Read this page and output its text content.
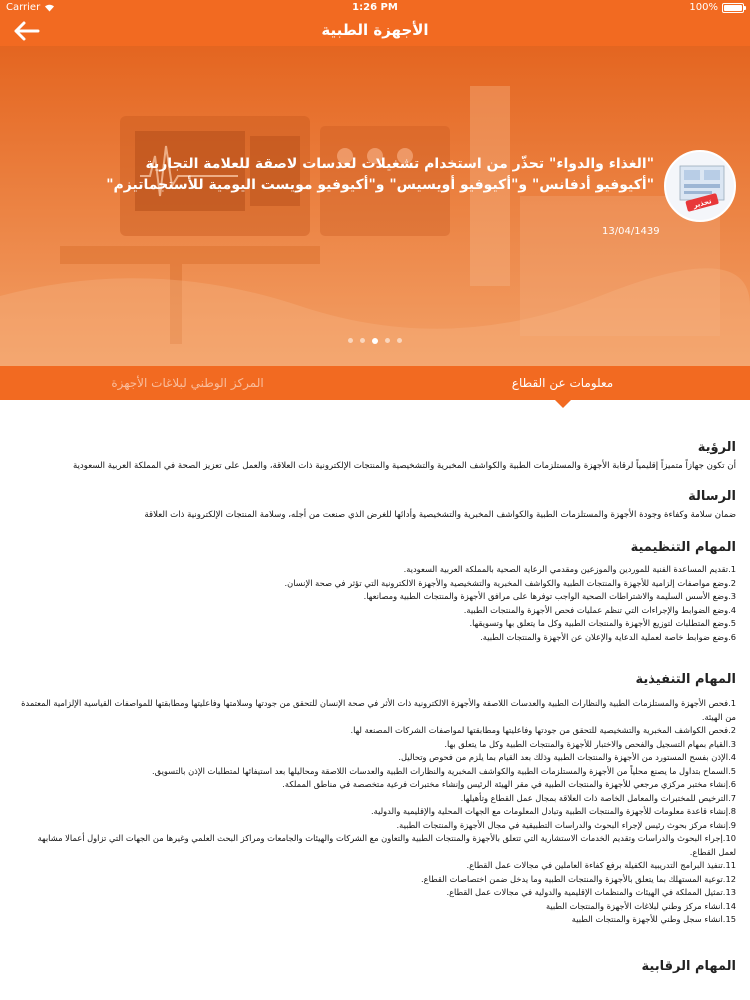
Carrier	1:26 PM	100%
الأجهزة الطبية
تحذير
"الغذاء والدواء" تحذّر من استخدام تشغيلات لعدسات لاصقة للعلامة التجارية "أكيوفيو أدفانس" و"أكيوفيو أويسيس" و"أكيوفيو مويست اليومية للأستجماتيزم"
13/04/1439
معلومات عن القطاع
المركز الوطني لبلاغات الأجهزة
الرؤية
أن تكون جهازاً متميزاً إقليمياً لرقابة الأجهزة والمستلزمات الطبية والكواشف المخبرية والتشخيصية والمنتجات الإلكترونية ذات العلاقة، والعمل على تعزيز الصحة في المملكة العربية السعودية
الرسالة
ضمان سلامة وكفاءة وجودة الأجهزة والمستلزمات الطبية والكواشف المخبرية والتشخيصية وأدائها للغرض الذي صنعت من أجله، وسلامة المنتجات الإلكترونية ذات العلاقة
المهام التنظيمية
1.تقديم المساعدة الفنية للموردين والموزعين ومقدمي الرعاية الصحية بالمملكة العربية السعودية.
2.وضع مواصفات إلزامية للأجهزة والمنتجات الطبية والكواشف المخبرية والتشخيصية والأجهزة الالكترونية التي تؤثر في صحة الإنسان.
3.وضع الأسس السليمة والاشتراطات الصحية الواجب توفرها على مرافق الأجهزة والمنتجات الطبية ومصانعها.
4.وضع الضوابط والإجراءات التي تنظم عمليات فحص الأجهزة والمنتجات الطبية.
5.وضع المتطلبات لتوزيع الأجهزة والمنتجات الطبية وكل ما يتعلق بها وتسويقها.
6.وضع ضوابط خاصة لعملية الدعاية والإعلان عن الأجهزة والمنتجات الطبية.
المهام التنفيذية
1.فحص الأجهزة والمستلزمات الطبية والنظارات الطبية والعدسات اللاصقة والأجهزة الالكترونية ذات الأثر في صحة الإنسان للتحقق من جودتها وسلامتها وفاعليتها ومطابقتها للمواصفات القياسية الإلزامية المعتمدة من الهيئة.
2.فحص الكواشف المخبرية والتشخيصية للتحقق من جودتها وفاعليتها ومطابقتها لمواصفات الشركات المصنعة لها.
3.القيام بمهام التسجيل والفحص والاختبار للأجهزة والمنتجات الطبية وكل ما يتعلق بها.
4.الإذن بفسح المستورد من الأجهزة والمنتجات الطبية وذلك بعد القيام بما يلزم من فحوص وتحاليل.
5.السماح بتداول ما يصنع محلياً من الأجهزة والمستلزمات الطبية والكواشف المخبرية والنظارات الطبية والعدسات اللاصقة ومحاليلها بعد استيفائها لمتطلبات الإذن بالتسويق.
6.إنشاء مختبر مركزي مرجعي للأجهزة والمنتجات الطبية في مقر الهيئة الرئيس وإنشاء مختبرات فرعية متخصصة في مناطق المملكة.
7.الترخيص للمختبرات والمعامل الخاصة ذات العلاقة بمجال عمل القطاع وتأهيلها.
8.إنشاء قاعدة معلومات للأجهزة والمنتجات الطبية وتبادل المعلومات مع الجهات المحلية والإقليمية والدولية.
9.إنشاء مركز بحوث رئيس لإجراء البحوث والدراسات التطبيقية في مجال الأجهزة والمنتجات الطبية.
10.إجراء البحوث والدراسات وتقديم الخدمات الاستشارية التي تتعلق بالأجهزة والمنتجات الطبية والتعاون مع الشركات والهيئات والجامعات ومراكز البحث العلمي وغيرها من الجهات التي تزاول أعمالا مشابهة لعمل القطاع.
11.تنفيذ البرامج التدريبية الكفيلة برفع كفاءة العاملين في مجالات عمل القطاع.
12.توعية المستهلك بما يتعلق بالأجهزة والمنتجات الطبية وما يدخل ضمن اختصاصات القطاع.
13.تمثيل المملكة في الهيئات والمنظمات الإقليمية والدولية في مجالات عمل القطاع.
14.انشاء مركز وطني لبلاغات الأجهزة والمنتجات الطبية
15.انشاء سجل وطني للأجهزة والمنتجات الطبية
المهام الرقابية
